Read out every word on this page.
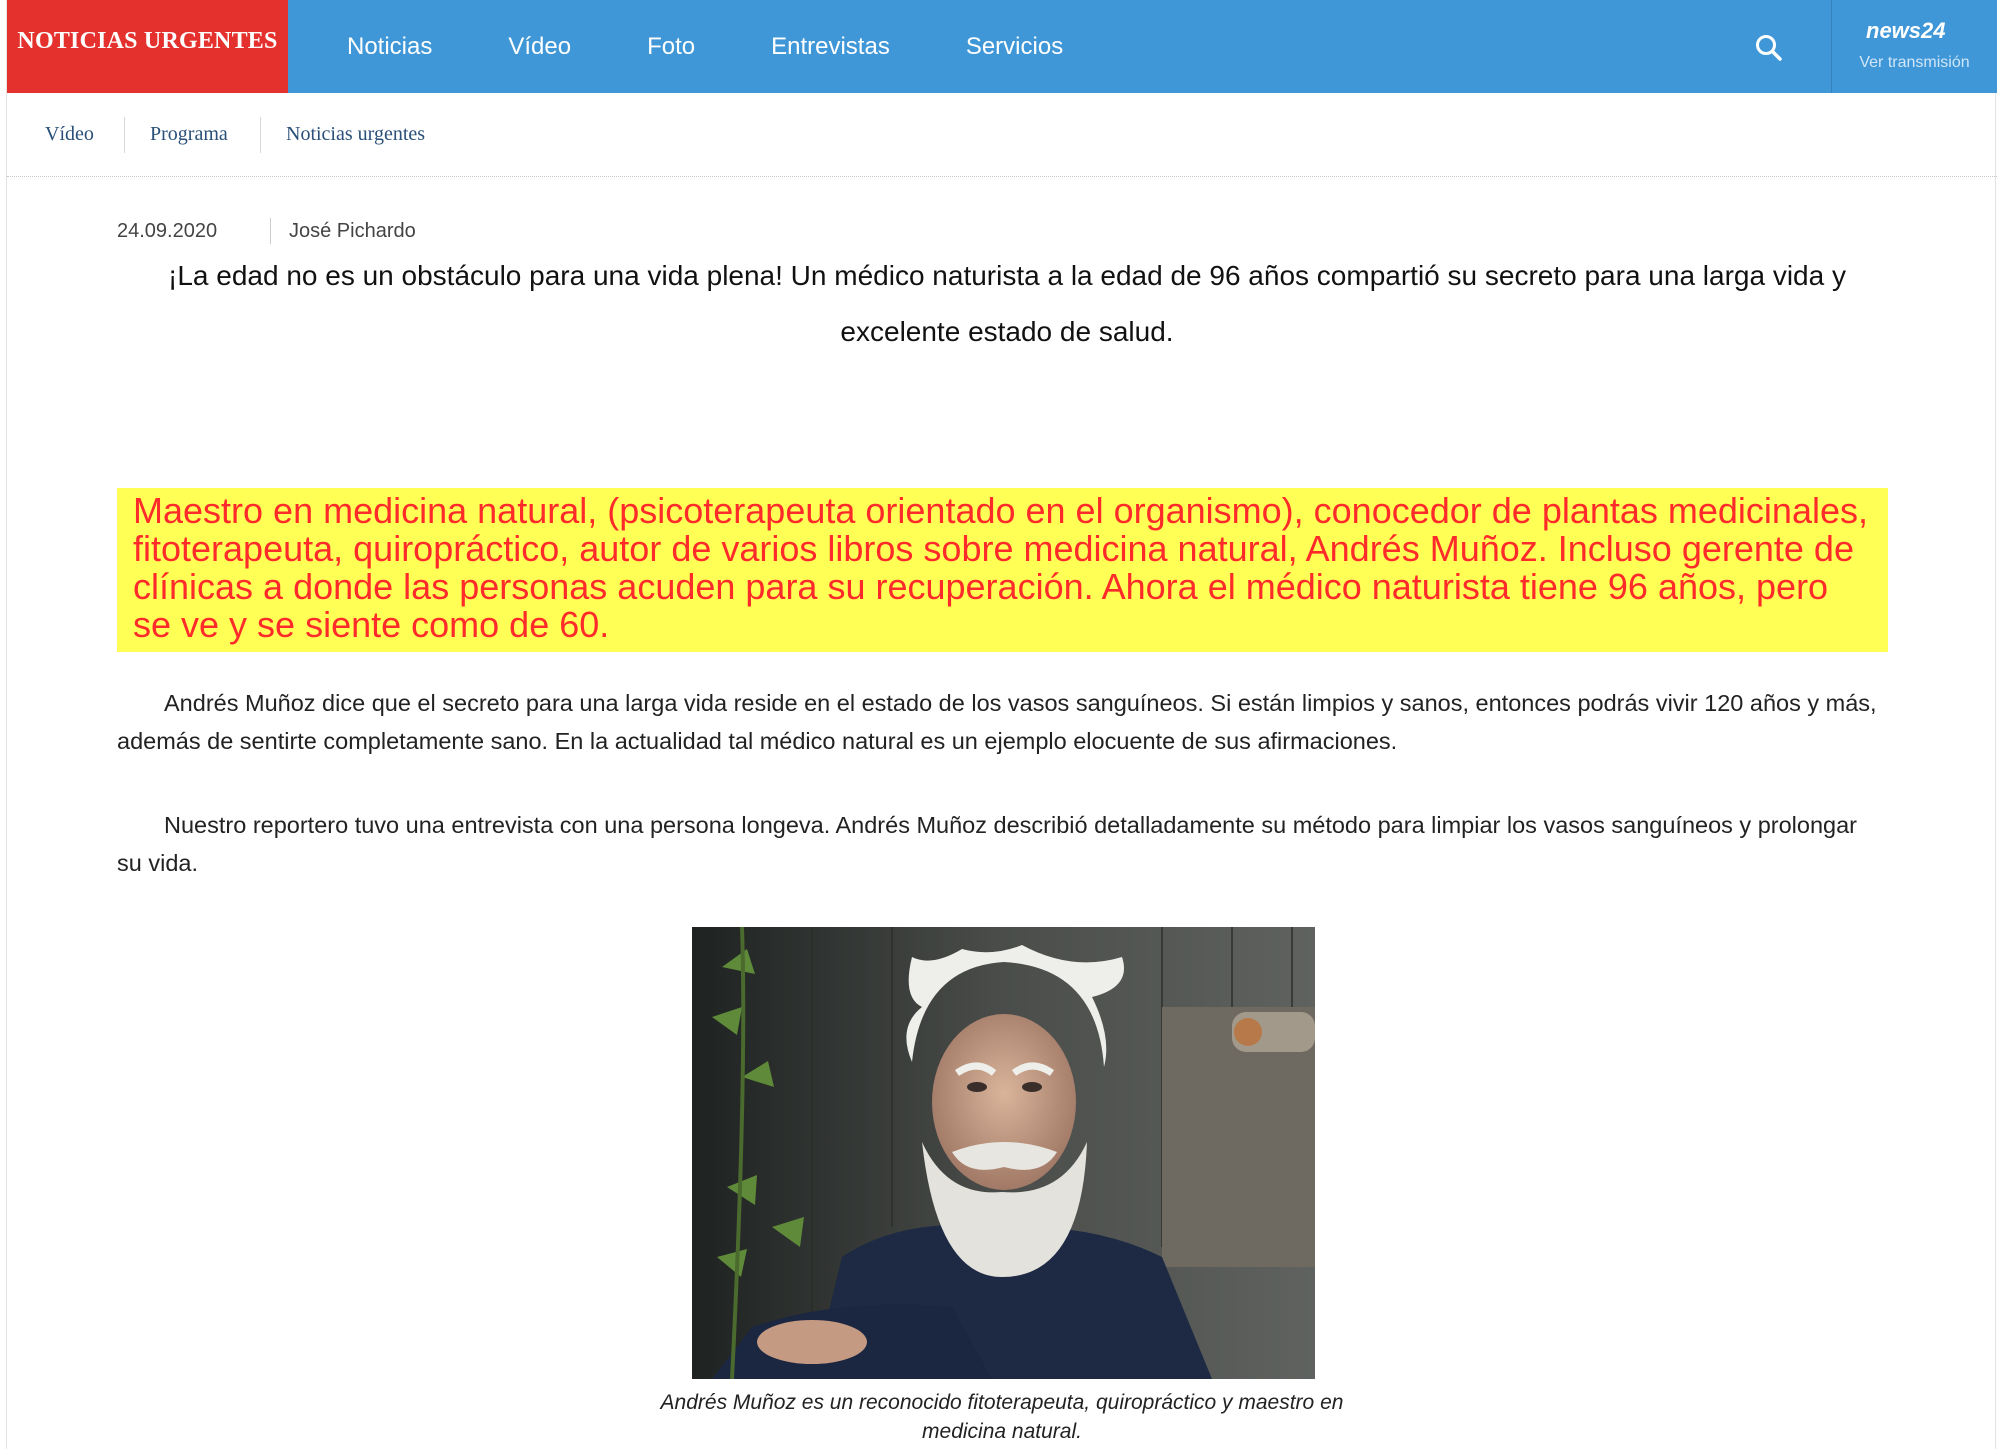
NOTICIAS URGENTES	Noticias	Vídeo	Foto	Entrevistas	Servicios
news24
Ver transmisión
Vídeo	Programa	Noticias urgentes
24.09.2020	José Pichardo
¡La edad no es un obstáculo para una vida plena! Un médico naturista a la edad de 96 años compartió su secreto para una larga vida y excelente estado de salud.
Maestro en medicina natural, (psicoterapeuta orientado en el organismo), conocedor de plantas medicinales, fitoterapeuta, quiropráctico, autor de varios libros sobre medicina natural, Andrés Muñoz. Incluso gerente de clínicas a donde las personas acuden para su recuperación. Ahora el médico naturista tiene 96 años, pero se ve y se siente como de 60.

Andrés Muñoz dice que el secreto para una larga vida reside en el estado de los vasos sanguíneos. Si están limpios y sanos, entonces podrás vivir 120 años y más, además de sentirte completamente sano. En la actualidad tal médico natural es un ejemplo elocuente de sus afirmaciones.

Nuestro reportero tuvo una entrevista con una persona longeva. Andrés Muñoz describió detalladamente su método para limpiar los vasos sanguíneos y prolongar su vida.

Andrés Muñoz es un reconocido fitoterapeuta, quiropráctico y maestro en medicina natural.
